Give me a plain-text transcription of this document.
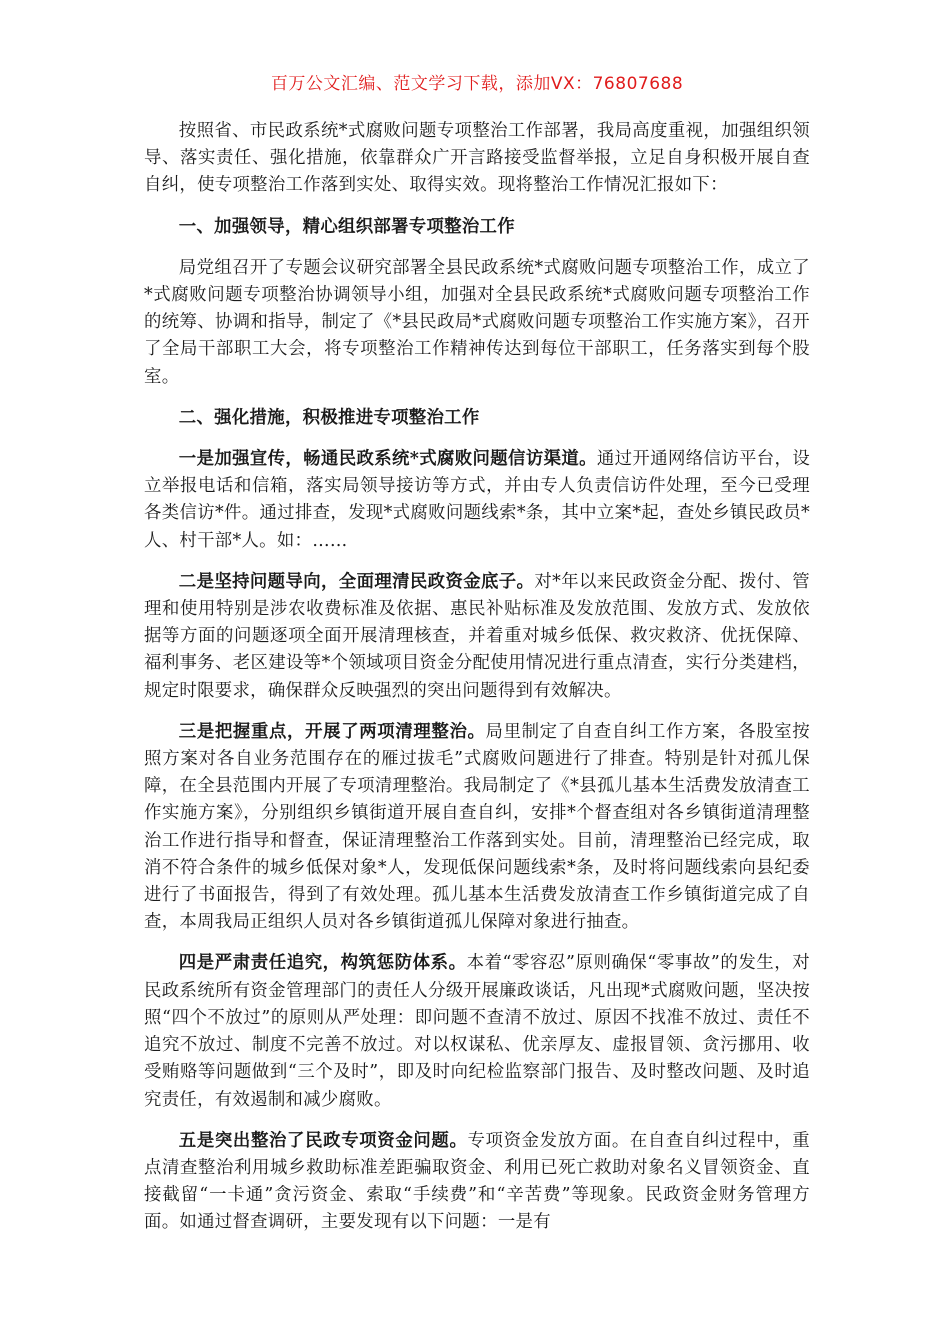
百万公文汇编、范文学习下载，添加VX：76807688

按照省、市民政系统*式腐败问题专项整治工作部署，我局高度重视，加强组织领导、落实责任、强化措施，依靠群众广开言路接受监督举报，立足自身积极开展自查自纠，使专项整治工作落到实处、取得实效。现将整治工作情况汇报如下：

一、加强领导，精心组织部署专项整治工作

局党组召开了专题会议研究部署全县民政系统*式腐败问题专项整治工作，成立了*式腐败问题专项整治协调领导小组，加强对全县民政系统*式腐败问题专项整治工作的统筹、协调和指导，制定了《*县民政局*式腐败问题专项整治工作实施方案》，召开了全局干部职工大会，将专项整治工作精神传达到每位干部职工，任务落实到每个股室。

二、强化措施，积极推进专项整治工作

一是加强宣传，畅通民政系统*式腐败问题信访渠道。通过开通网络信访平台，设立举报电话和信箱，落实局领导接访等方式，并由专人负责信访件处理，至今已受理各类信访*件。通过排查，发现*式腐败问题线索*条，其中立案*起，查处乡镇民政员*人、村干部*人。如：……

二是坚持问题导向，全面理清民政资金底子。对*年以来民政资金分配、拨付、管理和使用特别是涉农收费标准及依据、惠民补贴标准及发放范围、发放方式、发放依据等方面的问题逐项全面开展清理核查，并着重对城乡低保、救灾救济、优抚保障、福利事务、老区建设等*个领域项目资金分配使用情况进行重点清查，实行分类建档，规定时限要求，确保群众反映强烈的突出问题得到有效解决。

三是把握重点，开展了两项清理整治。局里制定了自查自纠工作方案，各股室按照方案对各自业务范围存在的雁过拔毛”式腐败问题进行了排查。特别是针对孤儿保障，在全县范围内开展了专项清理整治。我局制定了《*县孤儿基本生活费发放清查工作实施方案》，分别组织乡镇街道开展自查自纠，安排*个督查组对各乡镇街道清理整治工作进行指导和督查，保证清理整治工作落到实处。目前，清理整治已经完成，取消不符合条件的城乡低保对象*人，发现低保问题线索*条，及时将问题线索向县纪委进行了书面报告，得到了有效处理。孤儿基本生活费发放清查工作乡镇街道完成了自查，本周我局正组织人员对各乡镇街道孤儿保障对象进行抽查。

四是严肃责任追究，构筑惩防体系。本着“零容忍”原则确保“零事故”的发生，对民政系统所有资金管理部门的责任人分级开展廉政谈话，凡出现*式腐败问题，坚决按照“四个不放过”的原则从严处理：即问题不查清不放过、原因不找准不放过、责任不追究不放过、制度不完善不放过。对以权谋私、优亲厚友、虚报冒领、贪污挪用、收受贿赂等问题做到“三个及时”，即及时向纪检监察部门报告、及时整改问题、及时追究责任，有效遏制和减少腐败。

五是突出整治了民政专项资金问题。专项资金发放方面。在自查自纠过程中，重点清查整治利用城乡救助标准差距骗取资金、利用已死亡救助对象名义冒领资金、直接截留“一卡通”贪污资金、索取“手续费”和“辛苦费”等现象。民政资金财务管理方面。如通过督查调研，主要发现有以下问题：一是有
